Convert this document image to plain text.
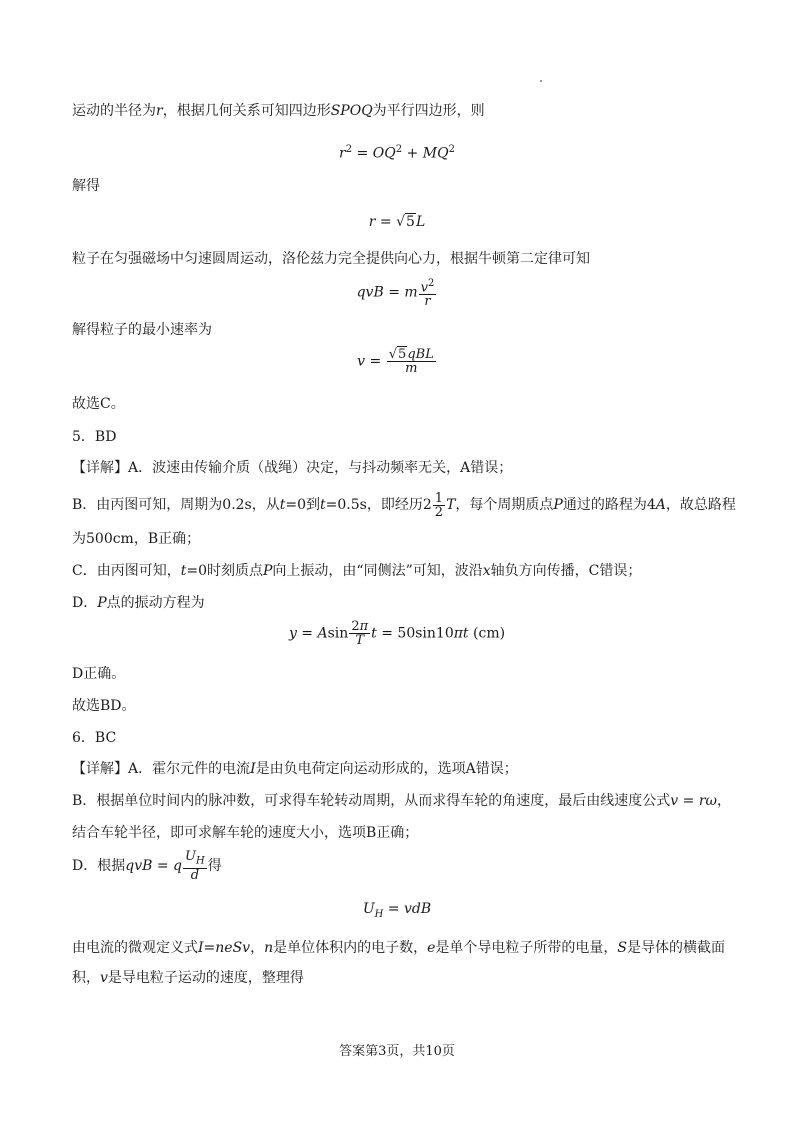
运动的半径为r，根据几何关系可知四边形SPOQ为平行四边形，则
$r^2 = OQ^2 + MQ^2$
解得
r = √5L
粒子在匀强磁场中匀速圆周运动，洛伦兹力完全提供向心力，根据牛顿第二定律可知
qvB = m $\frac{v^2}{r}$
解得粒子的最小速率为
$v = \frac{\text{√5qBL}}{m}$
故选C。
5．BD
【详解】A．波速由传输介质（战绳）决定，与抖动频率无关，A错误；
B．由丙图可知，周期为0.2s，从t=0到t=0.5s，即经历$2 \frac{1}{2}$ T，每个周期质点P通过的路程为4A，故总路程
为500cm，B正确；
C．由丙图可知，t=0时刻质点P向上振动，由“同侧法”可知，波沿x轴负方向传播，C错误；
D．P点的振动方程为
y = Asin $\frac{2\pi}{T}$ t = 50sin10πt (cm)
D正确。
故选BD。
6．BC
【详解】A．霍尔元件的电流I是由负电荷定向运动形成的，选项A错误；
B．根据单位时间内的脉冲数，可求得车轮转动周期，从而求得车轮的角速度，最后由线速度公式v = rω，
结合车轮半径，即可求解车轮的速度大小，选项B正确；
D．根据qvB = q $\frac{U_H}{d}$ 得
$U_H$ = vdB
由电流的微观定义式I=neSv，n是单位体积内的电子数，e是单个导电粒子所带的电量，S是导体的横截面
积，v是导电粒子运动的速度，整理得
答案第3页，共10页
